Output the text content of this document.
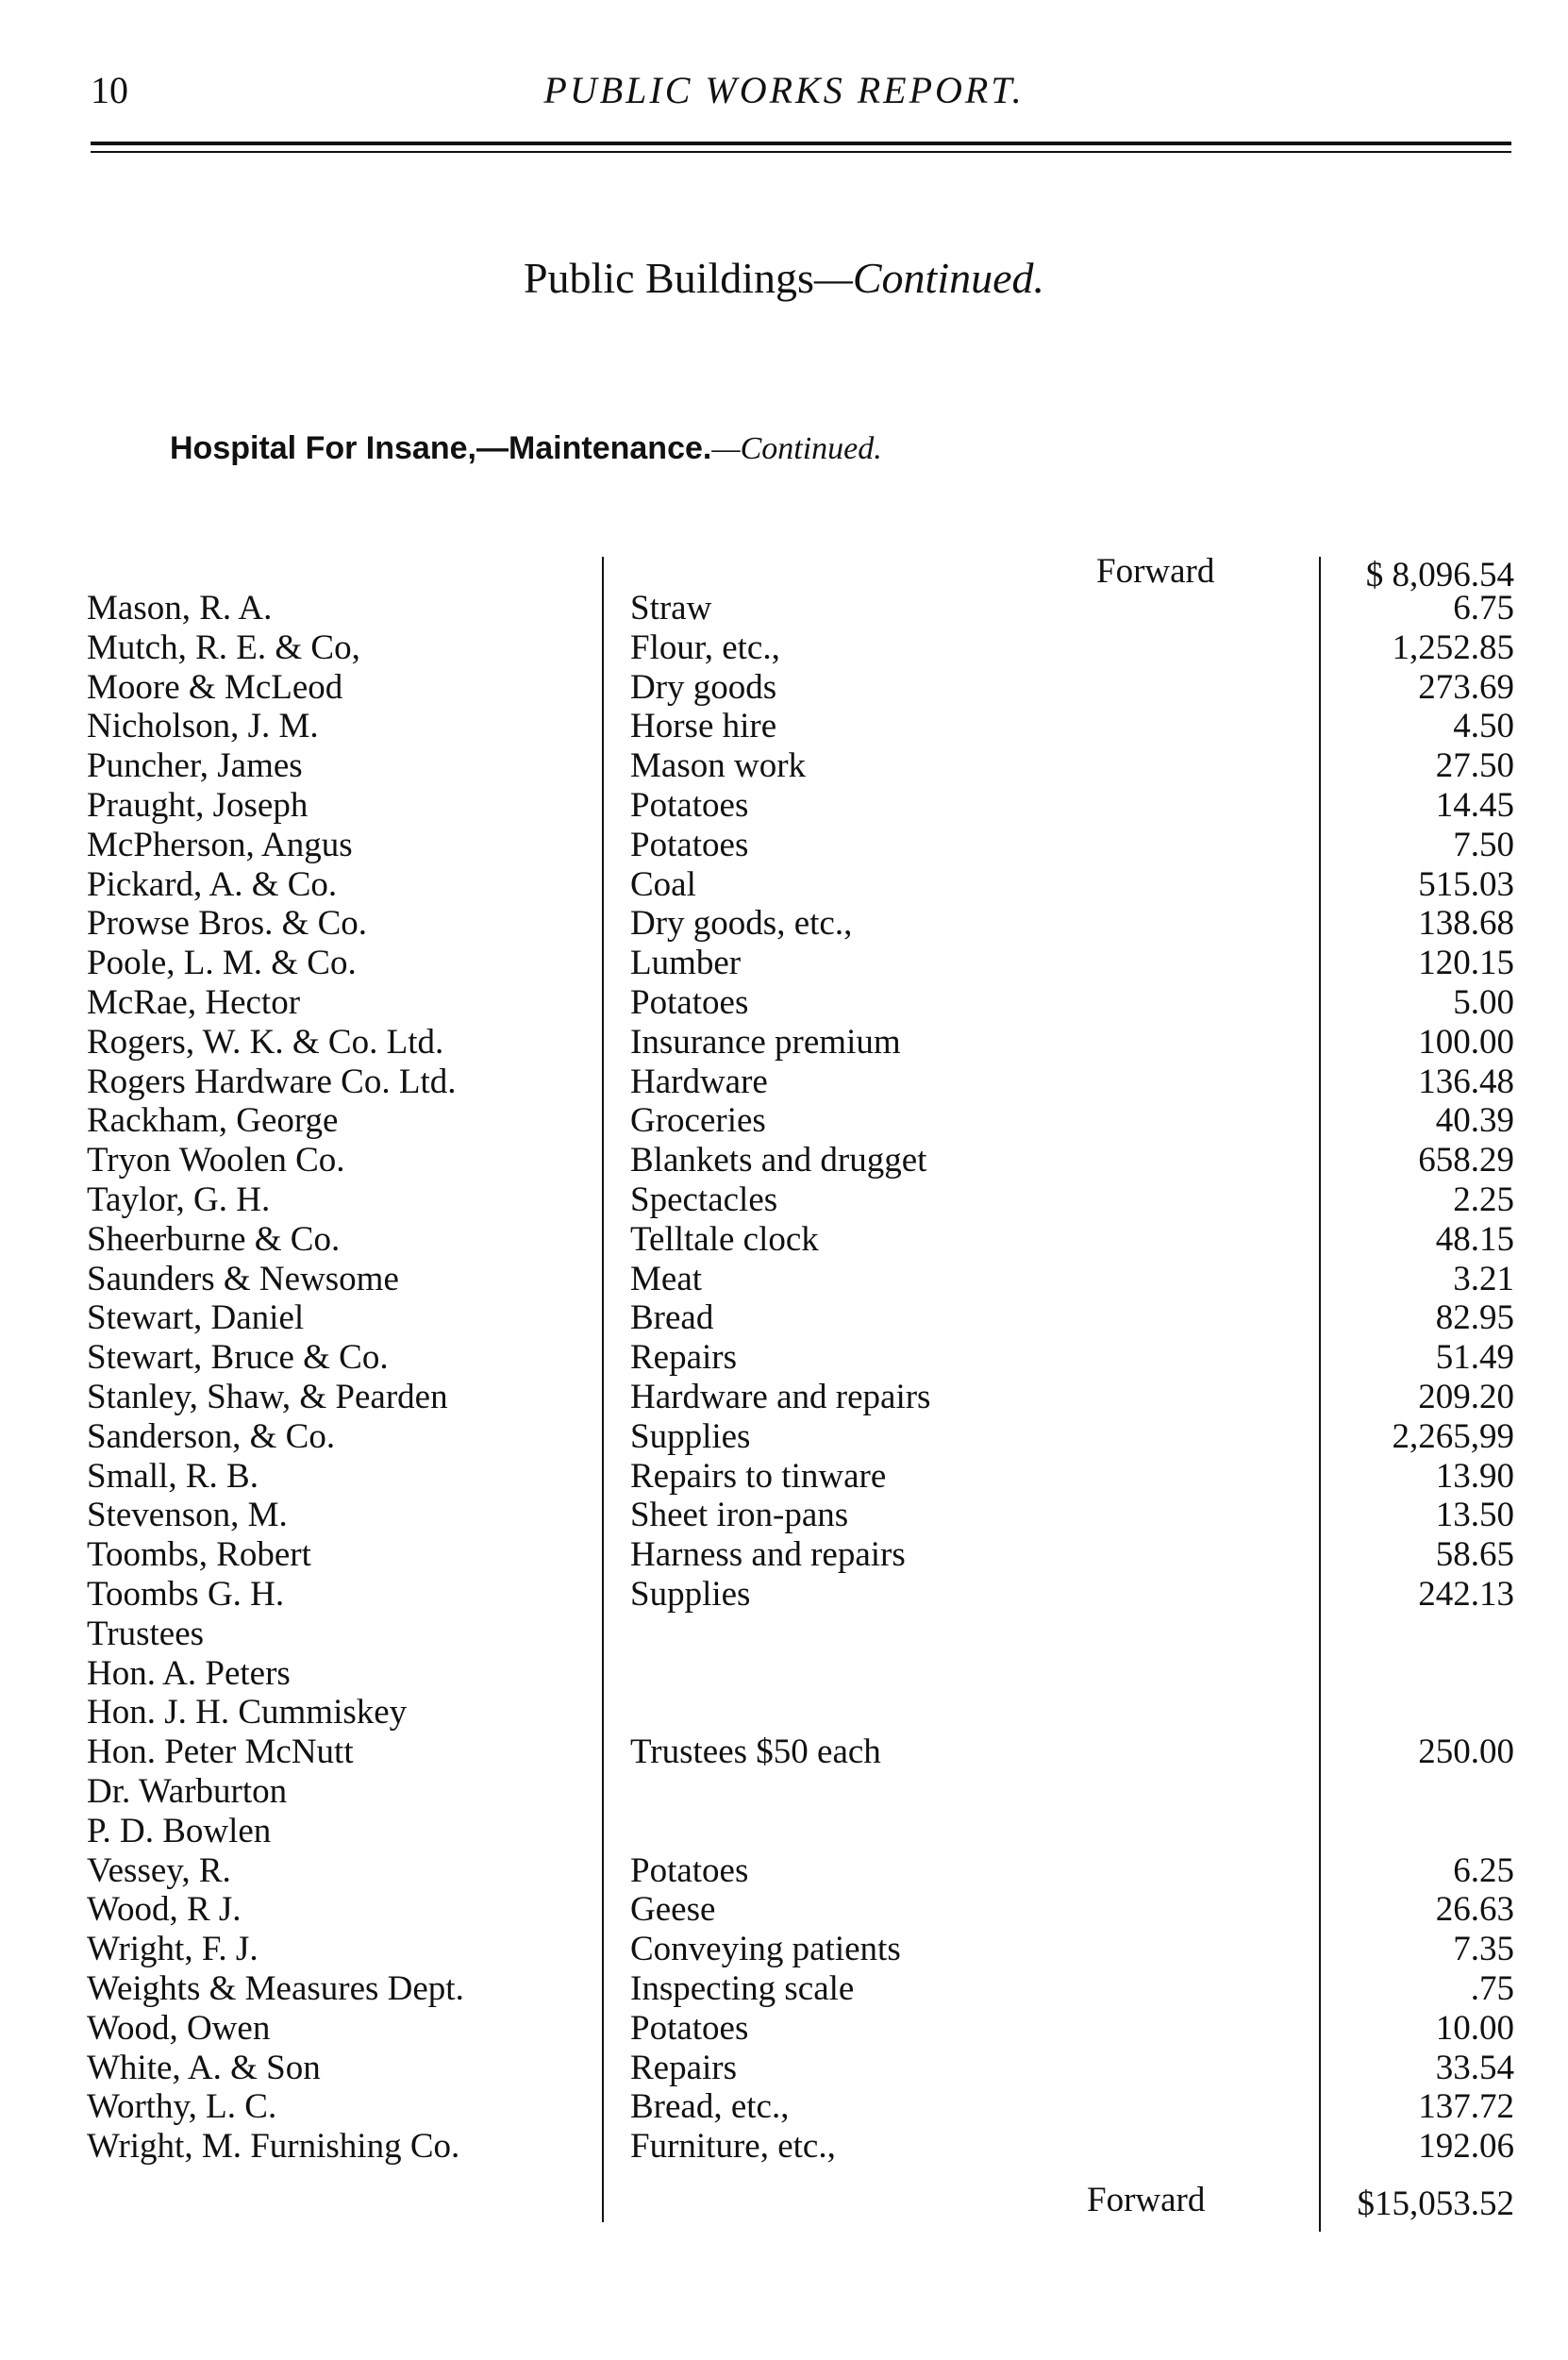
10	PUBLIC WORKS REPORT.
Public Buildings—Continued.
Hospital For Insane,—Maintenance.—Continued.
Forward	$ 8,096.54
Mason, R. A.	Straw	6.75
Mutch, R. E. & Co,	Flour, etc.,	1,252.85
Moore & McLeod	Dry goods	273.69
Nicholson, J. M.	Horse hire	4.50
Puncher, James	Mason work	27.50
Praught, Joseph	Potatoes	14.45
McPherson, Angus	Potatoes	7.50
Pickard, A. & Co.	Coal	515.03
Prowse Bros. & Co.	Dry goods, etc.,	138.68
Poole, L. M. & Co.	Lumber	120.15
McRae, Hector	Potatoes	5.00
Rogers, W. K. & Co. Ltd.	Insurance premium	100.00
Rogers Hardware Co. Ltd.	Hardware	136.48
Rackham, George	Groceries	40.39
Tryon Woolen Co.	Blankets and drugget	658.29
Taylor, G. H.	Spectacles	2.25
Sheerburne & Co.	Telltale clock	48.15
Saunders & Newsome	Meat	3.21
Stewart, Daniel	Bread	82.95
Stewart, Bruce & Co.	Repairs	51.49
Stanley, Shaw, & Pearden	Hardware and repairs	209.20
Sanderson, & Co.	Supplies	2,265,99
Small, R. B.	Repairs to tinware	13.90
Stevenson, M.	Sheet iron-pans	13.50
Toombs, Robert	Harness and repairs	58.65
Toombs G. H.	Supplies	242.13
Trustees
Hon. A. Peters
Hon. J. H. Cummiskey
Hon. Peter McNutt	Trustees $50 each	250.00
Dr. Warburton
P. D. Bowlen
Vessey, R.	Potatoes	6.25
Wood, R J.	Geese	26.63
Wright, F. J.	Conveying patients	7.35
Weights & Measures Dept.	Inspecting scale	.75
Wood, Owen	Potatoes	10.00
White, A. & Son	Repairs	33.54
Worthy, L. C.	Bread, etc.,	137.72
Wright, M. Furnishing Co.	Furniture, etc.,	192.06
Forward	$15,053.52
